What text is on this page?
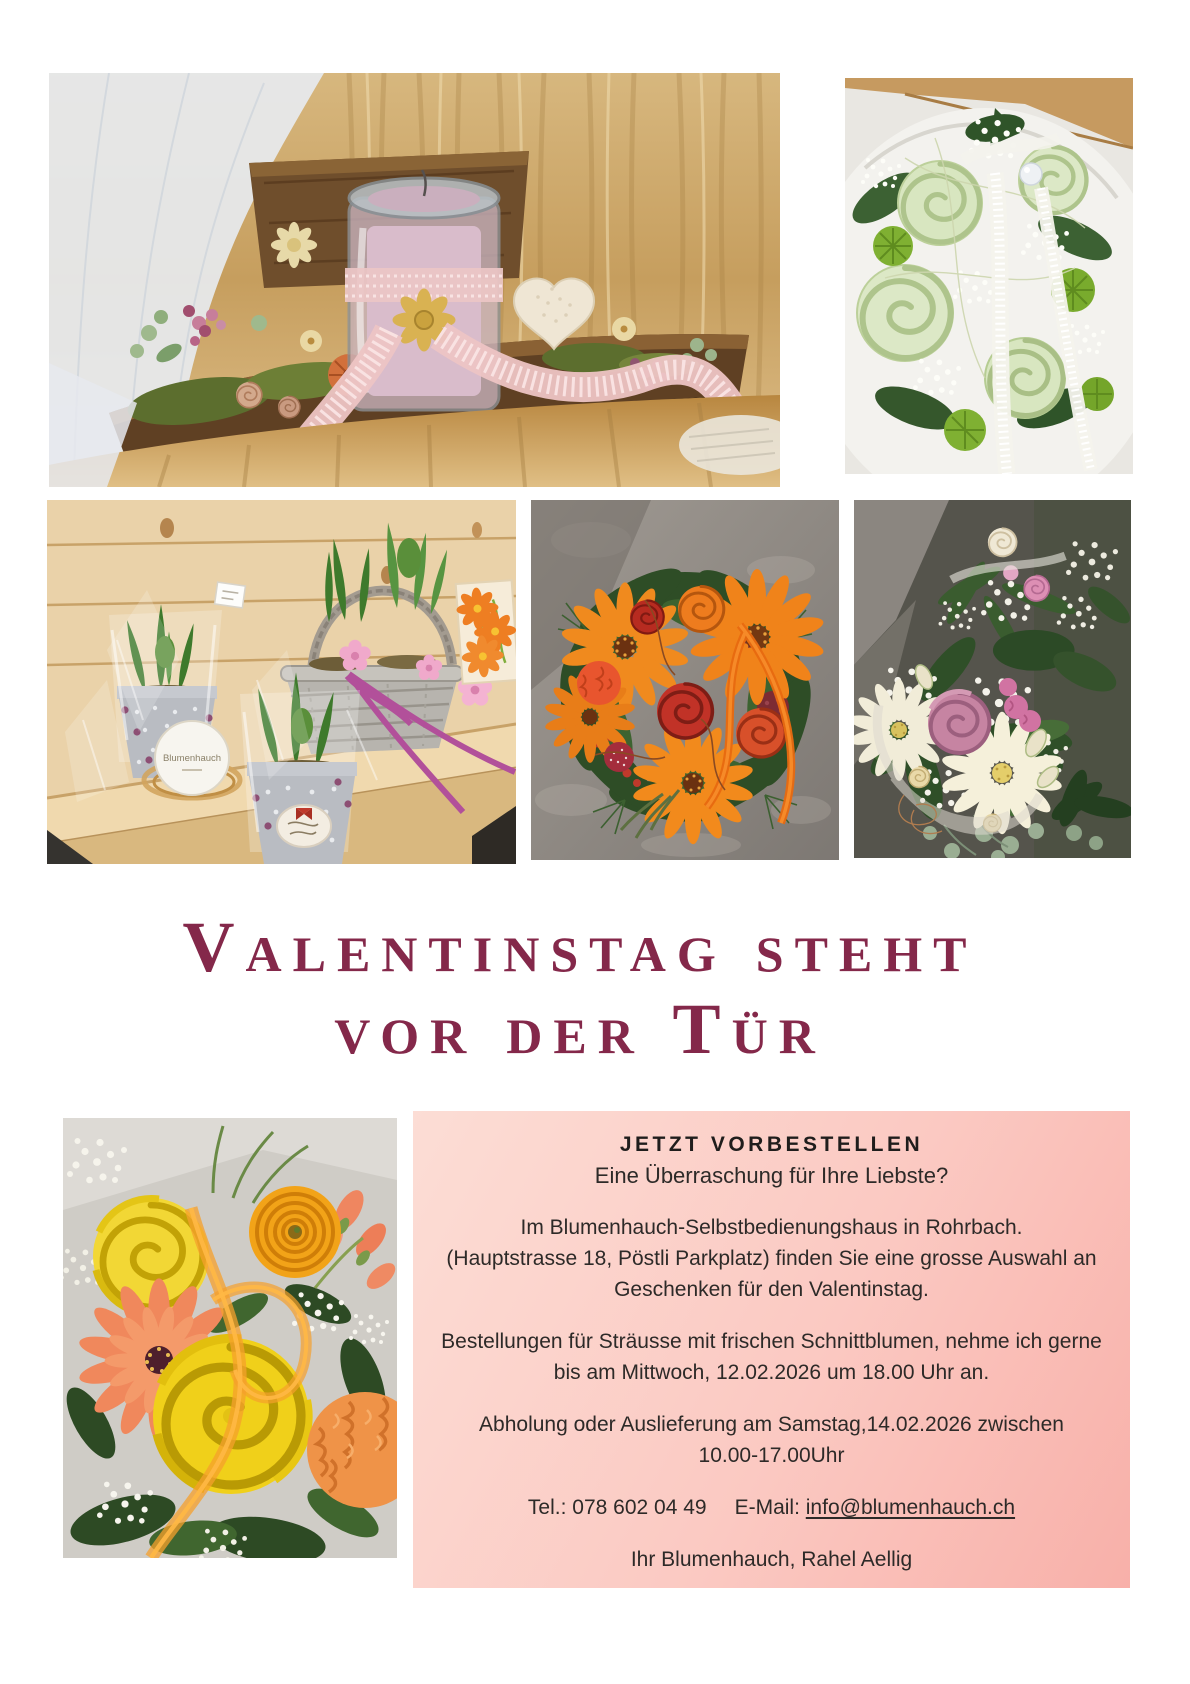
Blumenhauch
Valentinstag steht
vor der Tür
JETZT VORBESTELLEN
Eine Überraschung für Ihre Liebste?

Im Blumenhauch-Selbstbedienungshaus in Rohrbach.
(Hauptstrasse 18, Pöstli Parkplatz) finden Sie eine grosse Auswahl an
Geschenken für den Valentinstag.

Bestellungen für Sträusse mit frischen Schnittblumen, nehme ich gerne
bis am Mittwoch, 12.02.2026 um 18.00 Uhr an.

Abholung oder Auslieferung am Samstag,14.02.2026 zwischen
10.00-17.00Uhr

Tel.: 078 602 04 49 E-Mail: info@blumenhauch.ch

Ihr Blumenhauch, Rahel Aellig
